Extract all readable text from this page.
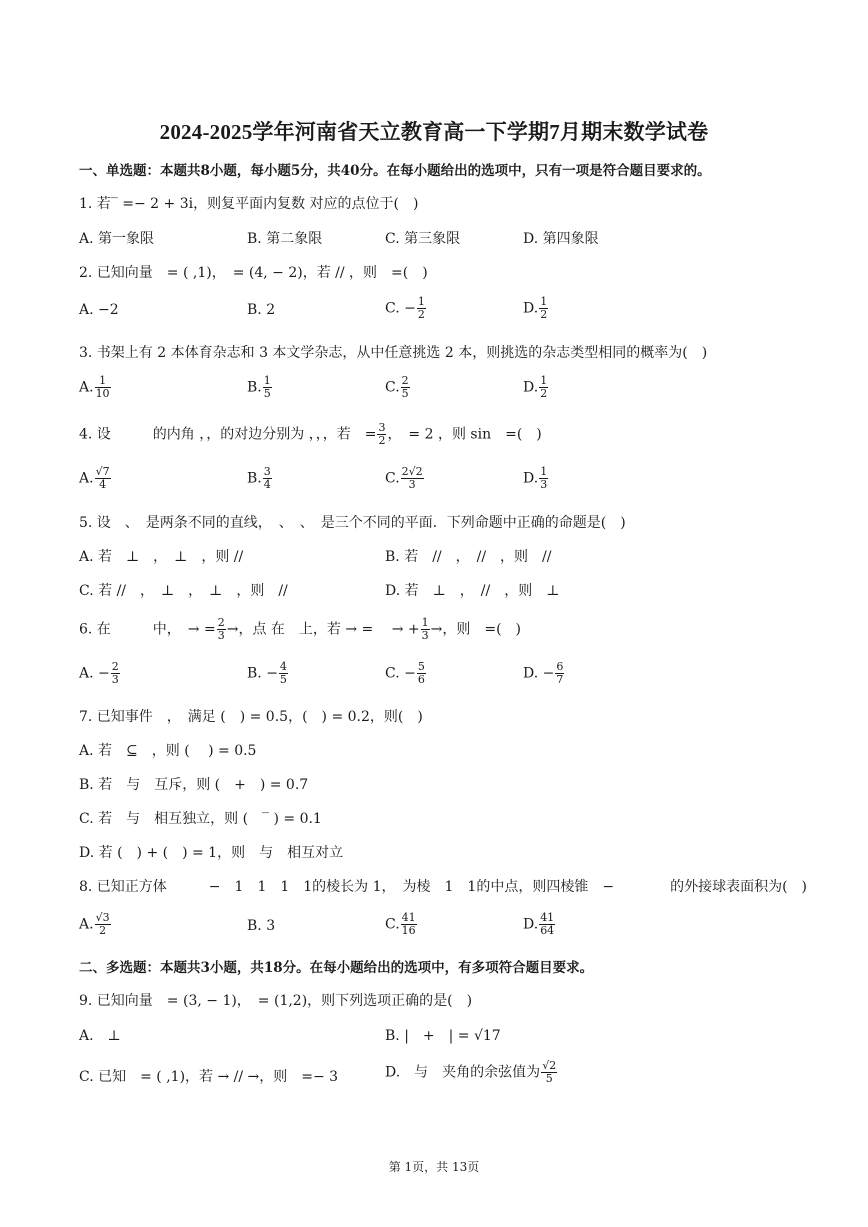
2024-2025学年河南省天立教育高一下学期7月期末数学试卷
一、单选题：本题共8小题，每小题5分，共40分。在每小题给出的选项中，只有一项是符合题目要求的。
1. 若‾ =− 2 + 3i，则复平面内复数 对应的点位于(　)
A. 第一象限	B. 第二象限	C. 第三象限	D. 第四象限
2. 已知向量　= ( ,1)，　= (4, − 2)，若 // ，则　=(　)
A. −2	B. 2	C. − $\frac{1}{2}$	D. $\frac{1}{2}$
3. 书架上有 2 本体育杂志和 3 本文学杂志，从中任意挑选 2 本，则挑选的杂志类型相同的概率为(　)
A. $\frac{1}{10}$	B. $\frac{1}{5}$	C. $\frac{2}{5}$	D. $\frac{1}{2}$
4. 设　　　的内角 ，，的对边分别为 ，，，若　= $\frac{3}{2}$ ，　= 2 ，则 sin　=(　)
A. $\frac{√7}{4}$	B. $\frac{3}{4}$	C. $\frac{2√2}{3}$	D. $\frac{1}{3}$
5. 设　、　是两条不同的直线，　、　、　是三个不同的平面．下列命题中正确的命题是(　)
A. 若　⊥　，　⊥　，则 //	B. 若　//　，　//　，则　//
C. 若 //　，　⊥　，　⊥　，则　//	D. 若　⊥　，　//　，则　⊥
6. 在　　　中，　→ = $\frac{2}{3}$ →，点 在　上，若 → =　 → + $\frac{1}{3}$ →，则　=(　)
A. − $\frac{2}{3}$	B. − $\frac{4}{5}$	C. − $\frac{5}{6}$	D. − $\frac{6}{7}$
7. 已知事件　，　满足 (　) = 0.5，(　) = 0.2，则(　)
A. 若　⊆　，则 (　 ) = 0.5
B. 若　与　互斥，则 (　+　) = 0.7
C. 若　与　相互独立，则 (　‾ ) = 0.1
D. 若 (　) + (　) = 1，则　与　相互对立
8. 已知正方体　　　−　1　1　1　1的棱长为 1，　为棱　1　1的中点，则四棱锥　−　　　　的外接球表面积为(　)
A. $\frac{√3}{2}$	B. 3	C. $\frac{41}{16}$	D. $\frac{41}{64}$
二、多选题：本题共3小题，共18分。在每小题给出的选项中，有多项符合题目要求。
9. 已知向量　= (3, − 1)，　= (1,2)，则下列选项正确的是(　)
A.　⊥	B. |　+　| = √17
C. 已知　= ( ,1)，若 → // →，则　=− 3	D.　与　夹角的余弦值为 $\frac{√2}{5}$
第 1页，共 13页
